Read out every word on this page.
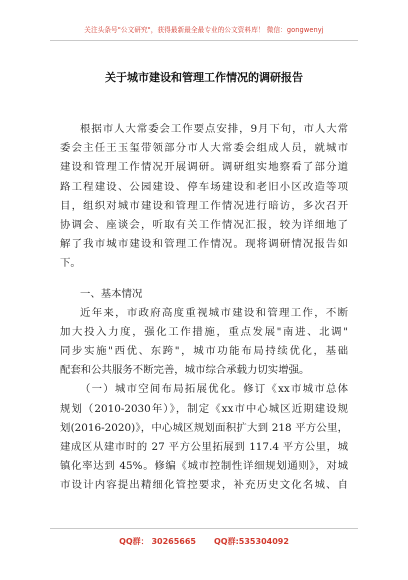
关注头条号"公文研究"，获得最新最全最专业的公文资料库！ 微信：gongwenyj
关于城市建设和管理工作情况的调研报告
根据市人大常委会工作要点安排，9月下旬，市人大常
委会主任王玉玺带领部分市人大常委会组成人员，就城市
建设和管理工作情况开展调研。调研组实地察看了部分道
路工程建设、公园建设、停车场建设和老旧小区改造等项
目，组织对城市建设和管理工作情况进行暗访，多次召开
协调会、座谈会，听取有关工作情况汇报，较为详细地了
解了我市城市建设和管理工作情况。现将调研情况报告如
下。
一、基本情况
近年来，市政府高度重视城市建设和管理工作，不断
加大投入力度，强化工作措施，重点发展"南进、北调"
同步实施"西优、东跨"，城市功能布局持续优化，基础
配套和公共服务不断完善，城市综合承载力切实增强。
（一）城市空间布局拓展优化。修订《xx市城市总体
规划（2010-2030年）》，制定《xx市中心城区近期建设规
划(2016-2020)》，中心城区规划面积扩大到 218 平方公里，
建成区从建市时的 27 平方公里拓展到 117.4 平方公里，城
镇化率达到 45%。修编《城市控制性详细规划通则》，对城
市设计内容提出精细化管控要求，补充历史文化名城、自
QQ群： 30265665 QQ群:535304092
